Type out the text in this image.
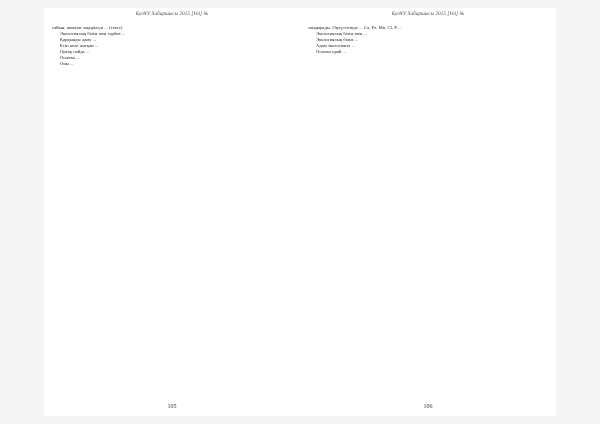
ҚазҰУ Хабаршысы 2015 [Vol] №

сайын, шикізат өндіріледі ... (текст)

Экологиялық білім мен тәрбие ...

Қарқынды даму ...

Есіп келе жатқан ...

Ортақ пайда ...

Осыған ...

Оны ...

105
ҚазҰУ Хабаршысы 2015 [Vol] №

тондырады. Оңтүстігінде ... Ca, Fe, Mn, Cl, P ...

Экологиялық білім мен ...

Экологиялық білім ...

Адам экологиясы ...

Осыған орай ...

106
